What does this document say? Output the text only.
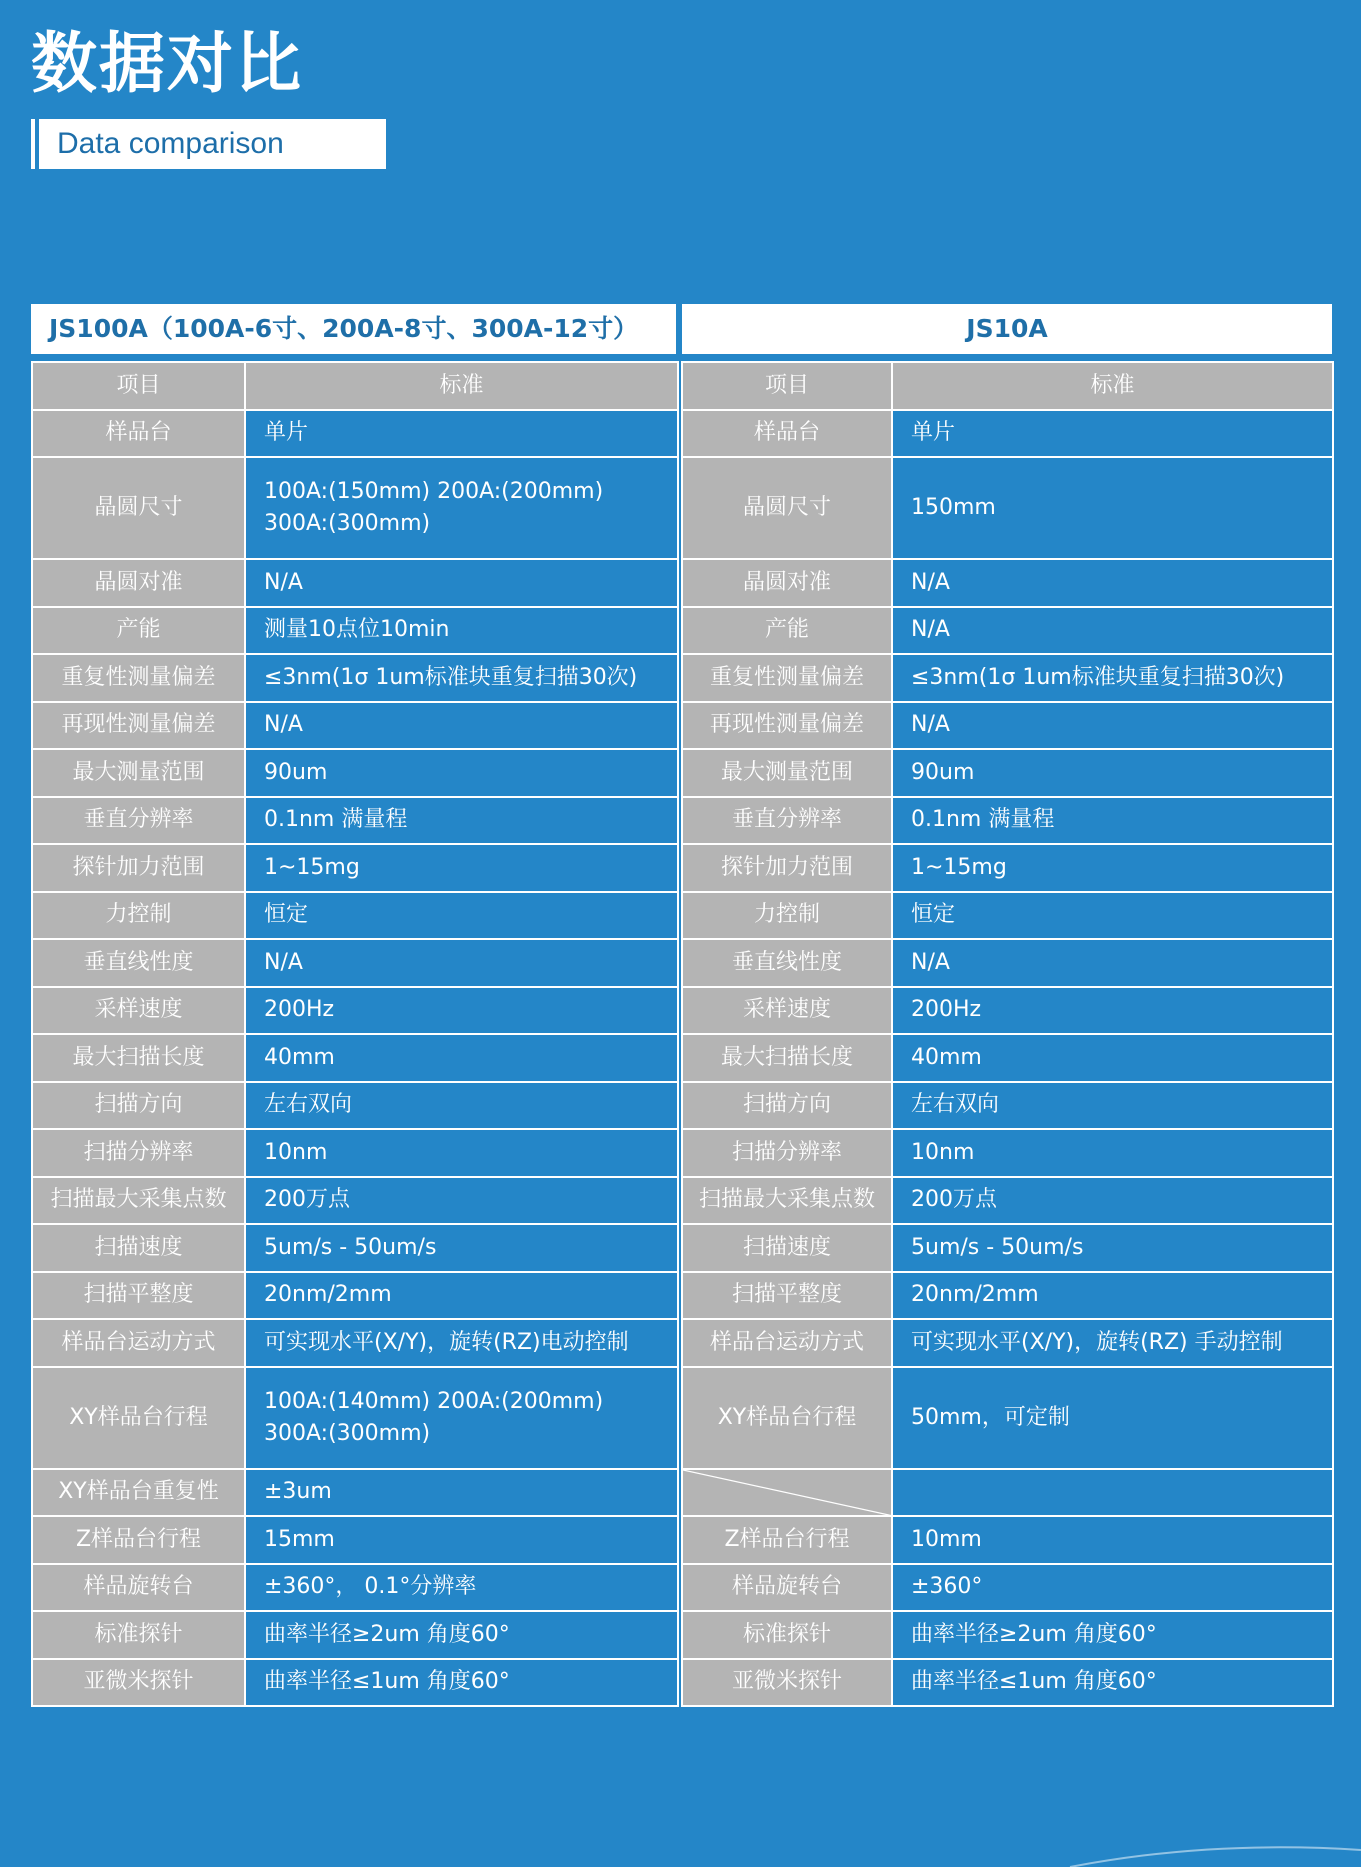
数据对比
Data comparison
JS100A（100A-6寸、200A-8寸、300A-12寸）	JS10A
项目	标准
样品台	单片
晶圆尺寸	100A:(150mm) 200A:(200mm)
300A:(300mm)

晶圆对准	N/A
产能	测量10点位10min
重复性测量偏差	≤3nm(1σ 1um标准块重复扫描30次)
再现性测量偏差	N/A
最大测量范围	90um
垂直分辨率	0.1nm 满量程
探针加力范围	1~15mg
力控制	恒定
垂直线性度	N/A
采样速度	200Hz
最大扫描长度	40mm
扫描方向	左右双向
扫描分辨率	10nm
扫描最大采集点数	200万点
扫描速度	5um/s - 50um/s
扫描平整度	20nm/2mm
样品台运动方式	可实现水平(X/Y)，旋转(RZ)电动控制
XY样品台行程	100A:(140mm) 200A:(200mm)
300A:(300mm)

XY样品台重复性	±3um
Z样品台行程	15mm
样品旋转台	±360°， 0.1°分辨率
标准探针	曲率半径≥2um 角度60°
亚微米探针	曲率半径≤1um 角度60°
项目	标准
样品台	单片
晶圆尺寸	150mm
晶圆对准	N/A
产能	N/A
重复性测量偏差	≤3nm(1σ 1um标准块重复扫描30次)
再现性测量偏差	N/A
最大测量范围	90um
垂直分辨率	0.1nm 满量程
探针加力范围	1~15mg
力控制	恒定
垂直线性度	N/A
采样速度	200Hz
最大扫描长度	40mm
扫描方向	左右双向
扫描分辨率	10nm
扫描最大采集点数	200万点
扫描速度	5um/s - 50um/s
扫描平整度	20nm/2mm
样品台运动方式	可实现水平(X/Y)，旋转(RZ) 手动控制
XY样品台行程	50mm，可定制

Z样品台行程	10mm
样品旋转台	±360°
标准探针	曲率半径≥2um 角度60°
亚微米探针	曲率半径≤1um 角度60°
